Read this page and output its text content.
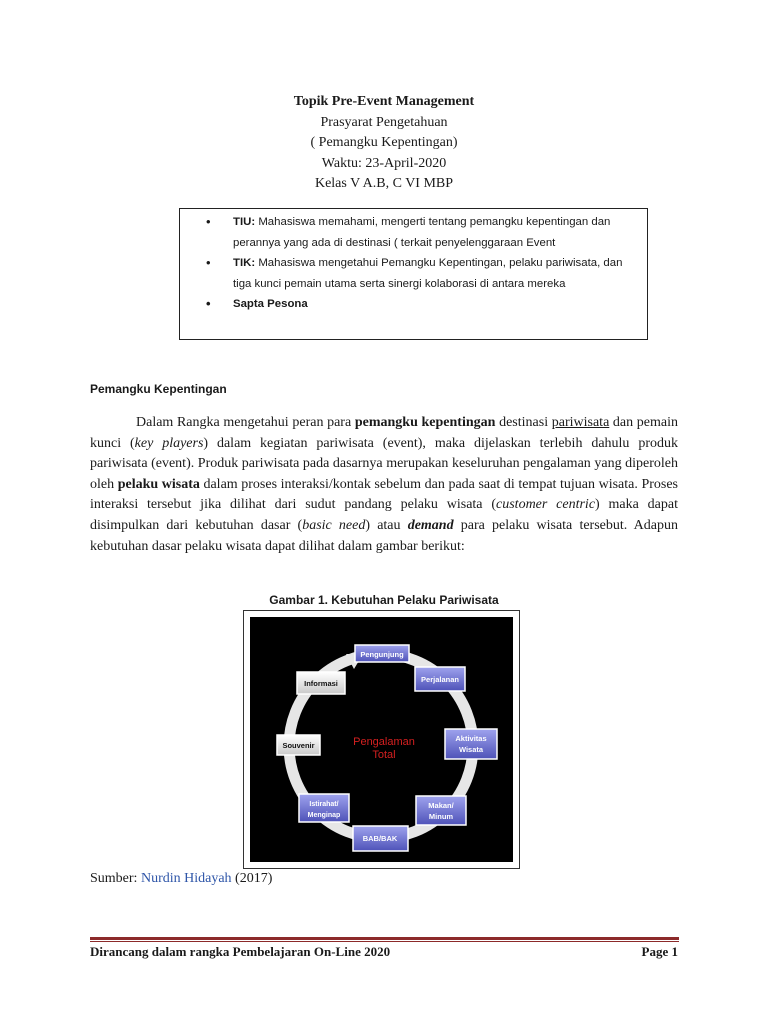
Topik Pre-Event Management
Prasyarat Pengetahuan
( Pemangku Kepentingan)
Waktu: 23-April-2020
Kelas V A.B, C VI MBP
• TIU: Mahasiswa memahami, mengerti tentang pemangku kepentingan dan perannya yang ada di destinasi ( terkait penyelenggaraan Event
• TIK: Mahasiswa mengetahui Pemangku Kepentingan, pelaku pariwisata, dan tiga kunci pemain utama serta sinergi kolaborasi di antara mereka
• Sapta Pesona
Pemangku Kepentingan

Dalam Rangka mengetahui peran para pemangku kepentingan destinasi pariwisata dan pemain kunci (key players) dalam kegiatan pariwisata (event), maka dijelaskan terlebih dahulu produk pariwisata (event). Produk pariwisata pada dasarnya merupakan keseluruhan pengalaman yang diperoleh oleh pelaku wisata dalam proses interaksi/kontak sebelum dan pada saat di tempat tujuan wisata. Proses interaksi tersebut jika dilihat dari sudut pandang pelaku wisata (customer centric) maka dapat disimpulkan dari kebutuhan dasar (basic need) atau demand para pelaku wisata tersebut. Adapun kebutuhan dasar pelaku wisata dapat dilihat dalam gambar berikut:

Gambar 1. Kebutuhan Pelaku Pariwisata
Pengalaman
Total
Pengunjung
Perjalanan
Aktivitas
Wisata
Makan/
Minum
BAB/BAK
Istirahat/
Menginap
Souvenir
Informasi
Sumber: Nurdin Hidayah (2017)
Dirancang dalam rangka Pembelajaran On-Line 2020	Page 1
